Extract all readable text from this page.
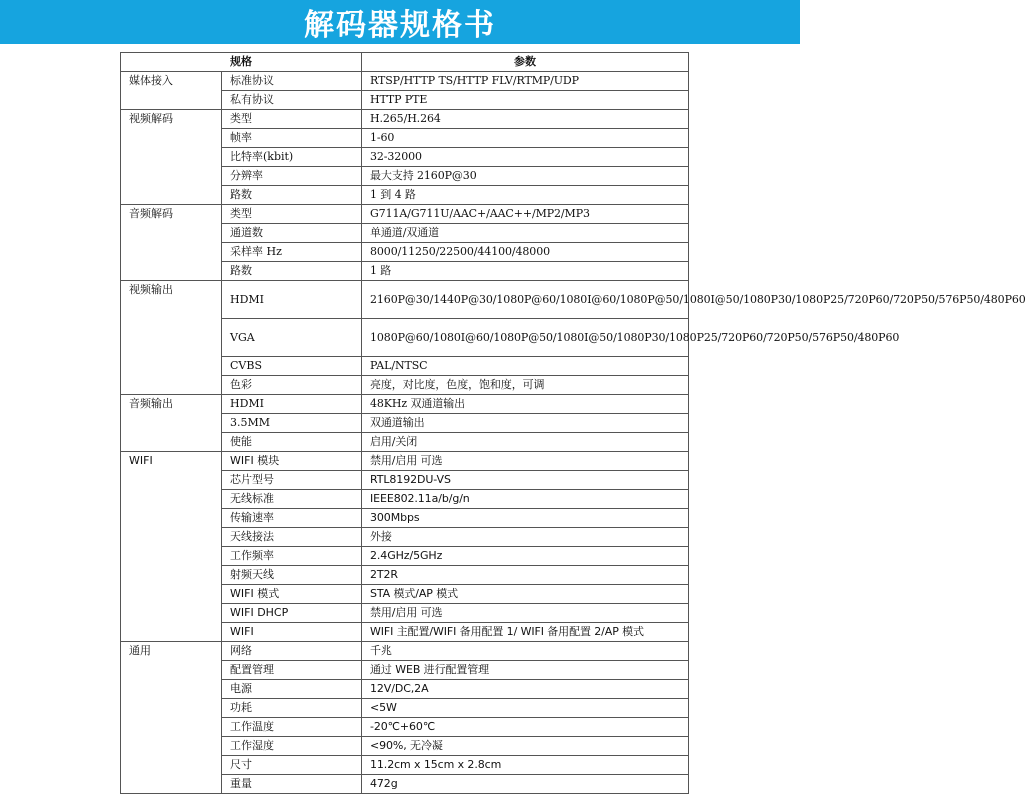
解码器规格书
规格		参数
媒体接入	标准协议	RTSP/HTTP TS/HTTP FLV/RTMP/UDP
	私有协议	HTTP PTE
视频解码	类型	H.265/H.264
	帧率	1-60
	比特率(kbit)	32-32000
	分辨率	最大支持 2160P@30
	路数	1 到 4 路
音频解码	类型	G711A/G711U/AAC+/AAC++/MP2/MP3
	通道数	单通道/双通道
	采样率 Hz	8000/11250/22500/44100/48000
	路数	1 路
视频输出	HDMI	2160P@30/1440P@30/1080P@60/1080I@60/1080P@50/1080I@50/1080P30/1080P25/720P60/720P50/576P50/480P60
	VGA	1080P@60/1080I@60/1080P@50/1080I@50/1080P30/1080P25/720P60/720P50/576P50/480P60
	CVBS	PAL/NTSC
	色彩	亮度，对比度，色度，饱和度，可调
音频输出	HDMI	48KHz 双通道输出
	3.5MM	双通道输出
	使能	启用/关闭
WIFI	WIFI 模块	禁用/启用 可选
	芯片型号	RTL8192DU-VS
	无线标准	IEEE802.11a/b/g/n
	传输速率	300Mbps
	天线接法	外接
	工作频率	2.4GHz/5GHz
	射频天线	2T2R
	WIFI 模式	STA 模式/AP 模式
	WIFI DHCP	禁用/启用 可选
	WIFI	WIFI 主配置/WIFI 备用配置 1/ WIFI 备用配置 2/AP 模式
通用	网络	千兆
	配置管理	通过 WEB 进行配置管理
	电源	12V/DC,2A
	功耗	<5W
	工作温度	-20℃+60℃
	工作湿度	<90%, 无冷凝
	尺寸	11.2cm x 15cm x 2.8cm
	重量	472g
